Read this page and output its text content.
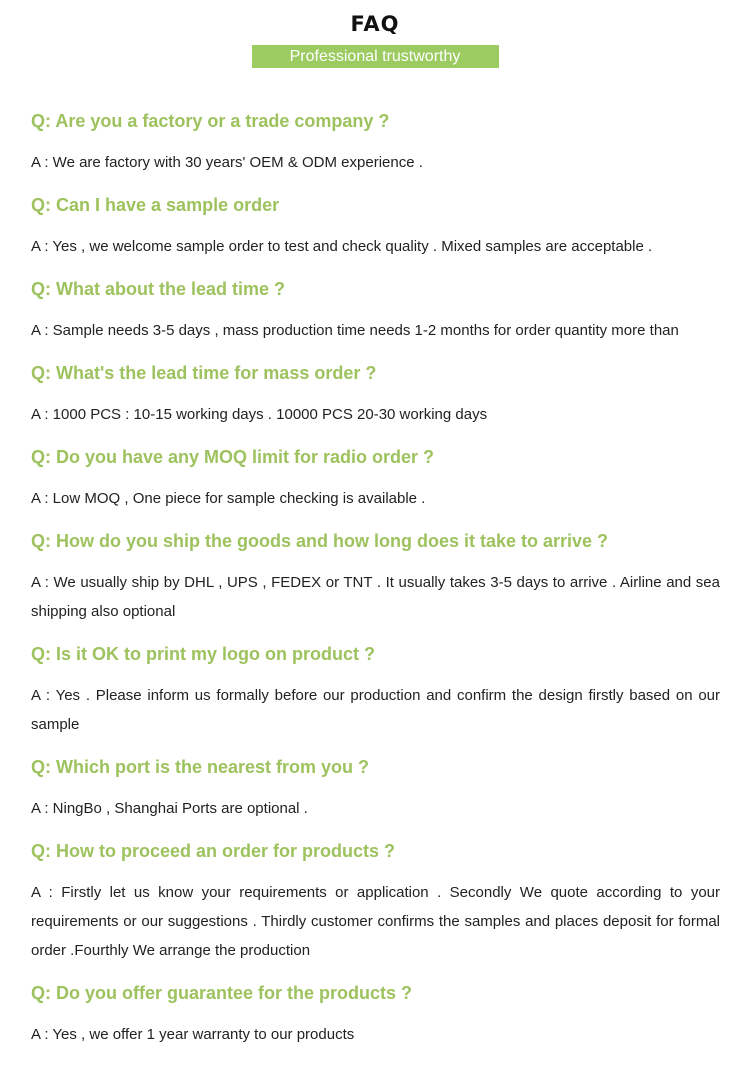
FAQ
Professional trustworthy
Q: Are you a factory or a trade company ?
A : We are factory with 30 years' OEM & ODM experience .
Q: Can I have a sample order
A : Yes , we welcome sample order to test and check quality . Mixed samples are acceptable .
Q: What about the lead time ?
A : Sample needs 3-5 days , mass production time needs 1-2 months for order quantity more than
Q: What's the lead time for mass order ?
A : 1000 PCS : 10-15 working days . 10000 PCS 20-30 working days
Q: Do you have any MOQ limit for radio order ?
A : Low MOQ , One piece for sample checking is available .
Q: How do you ship the goods and how long does it take to arrive ?
A : We usually ship by DHL , UPS , FEDEX or TNT . It usually takes 3-5 days to arrive . Airline and sea shipping also optional
Q: Is it OK to print my logo on product ?
A : Yes . Please inform us formally before our production and confirm the design firstly based on our sample
Q: Which port is the nearest from you ?
A : NingBo , Shanghai Ports are optional .
Q: How to proceed an order for products ?
A : Firstly let us know your requirements or application . Secondly We quote according to your requirements or our suggestions . Thirdly customer confirms the samples and places deposit for formal order .Fourthly We arrange the production
Q: Do you offer guarantee for the products ?
A : Yes , we offer 1 year warranty to our products
